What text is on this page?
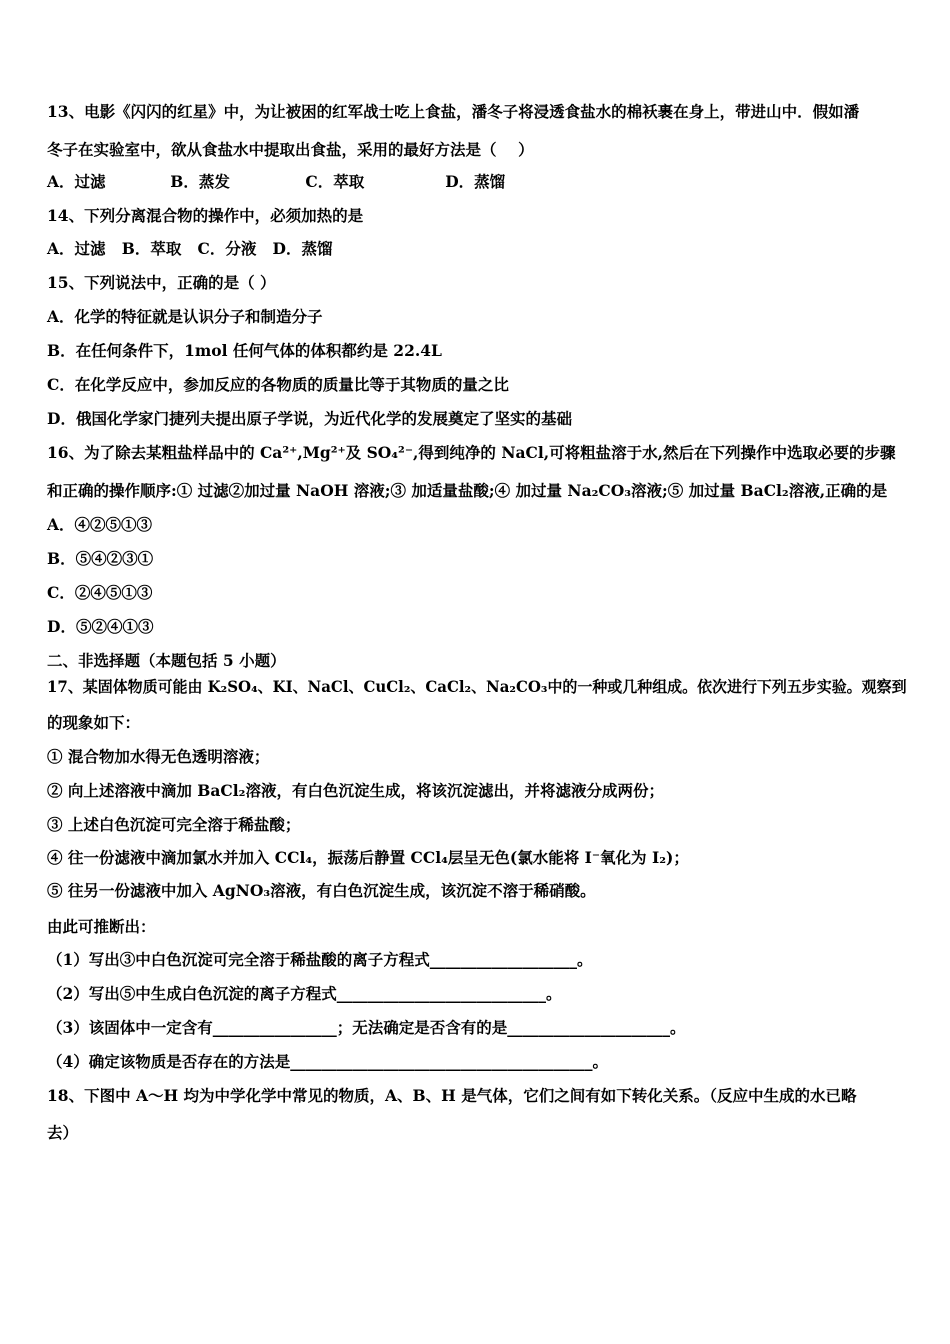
13、电影《闪闪的红星》中，为让被困的红军战士吃上食盐，潘冬子将浸透食盐水的棉袄裹在身上，带进山中．假如潘
冬子在实验室中，欲从食盐水中提取出食盐，采用的最好方法是（    ）
A．过滤            B．蒸发              C．萃取               D．蒸馏
14、下列分离混合物的操作中，必须加热的是
A．过滤   B．萃取   C．分液   D．蒸馏
15、下列说法中，正确的是（ ）
A．化学的特征就是认识分子和制造分子
B．在任何条件下，1mol 任何气体的体积都约是 22.4L
C．在化学反应中，参加反应的各物质的质量比等于其物质的量之比
D．俄国化学家门捷列夫提出原子学说，为近代化学的发展奠定了坚实的基础
16、为了除去某粗盐样品中的 Ca²⁺,Mg²⁺及 SO₄²⁻,得到纯净的 NaCl,可将粗盐溶于水,然后在下列操作中选取必要的步骤
和正确的操作顺序:① 过滤②加过量 NaOH 溶液;③ 加适量盐酸;④ 加过量 Na₂CO₃溶液;⑤ 加过量 BaCl₂溶液,正确的是
A．④②⑤①③
B．⑤④②③①
C．②④⑤①③
D．⑤②④①③
二、非选择题（本题包括 5 小题）
17、某固体物质可能由 K₂SO₄、KI、NaCl、CuCl₂、CaCl₂、Na₂CO₃中的一种或几种组成。依次进行下列五步实验。观察到
的现象如下：
① 混合物加水得无色透明溶液；
② 向上述溶液中滴加 BaCl₂溶液，有白色沉淀生成，将该沉淀滤出，并将滤液分成两份；
③ 上述白色沉淀可完全溶于稀盐酸；
④ 往一份滤液中滴加氯水并加入 CCl₄，振荡后静置 CCl₄层呈无色(氯水能将 I⁻氧化为 I₂)；
⑤ 往另一份滤液中加入 AgNO₃溶液，有白色沉淀生成，该沉淀不溶于稀硝酸。
由此可推断出：
（1）写出③中白色沉淀可完全溶于稀盐酸的离子方程式___________________。
（2）写出⑤中生成白色沉淀的离子方程式___________________________。
（3）该固体中一定含有________________；无法确定是否含有的是_____________________。
（4）确定该物质是否存在的方法是_______________________________________。
18、下图中 A～H 均为中学化学中常见的物质，A、B、H 是气体，它们之间有如下转化关系。（反应中生成的水已略
去）
